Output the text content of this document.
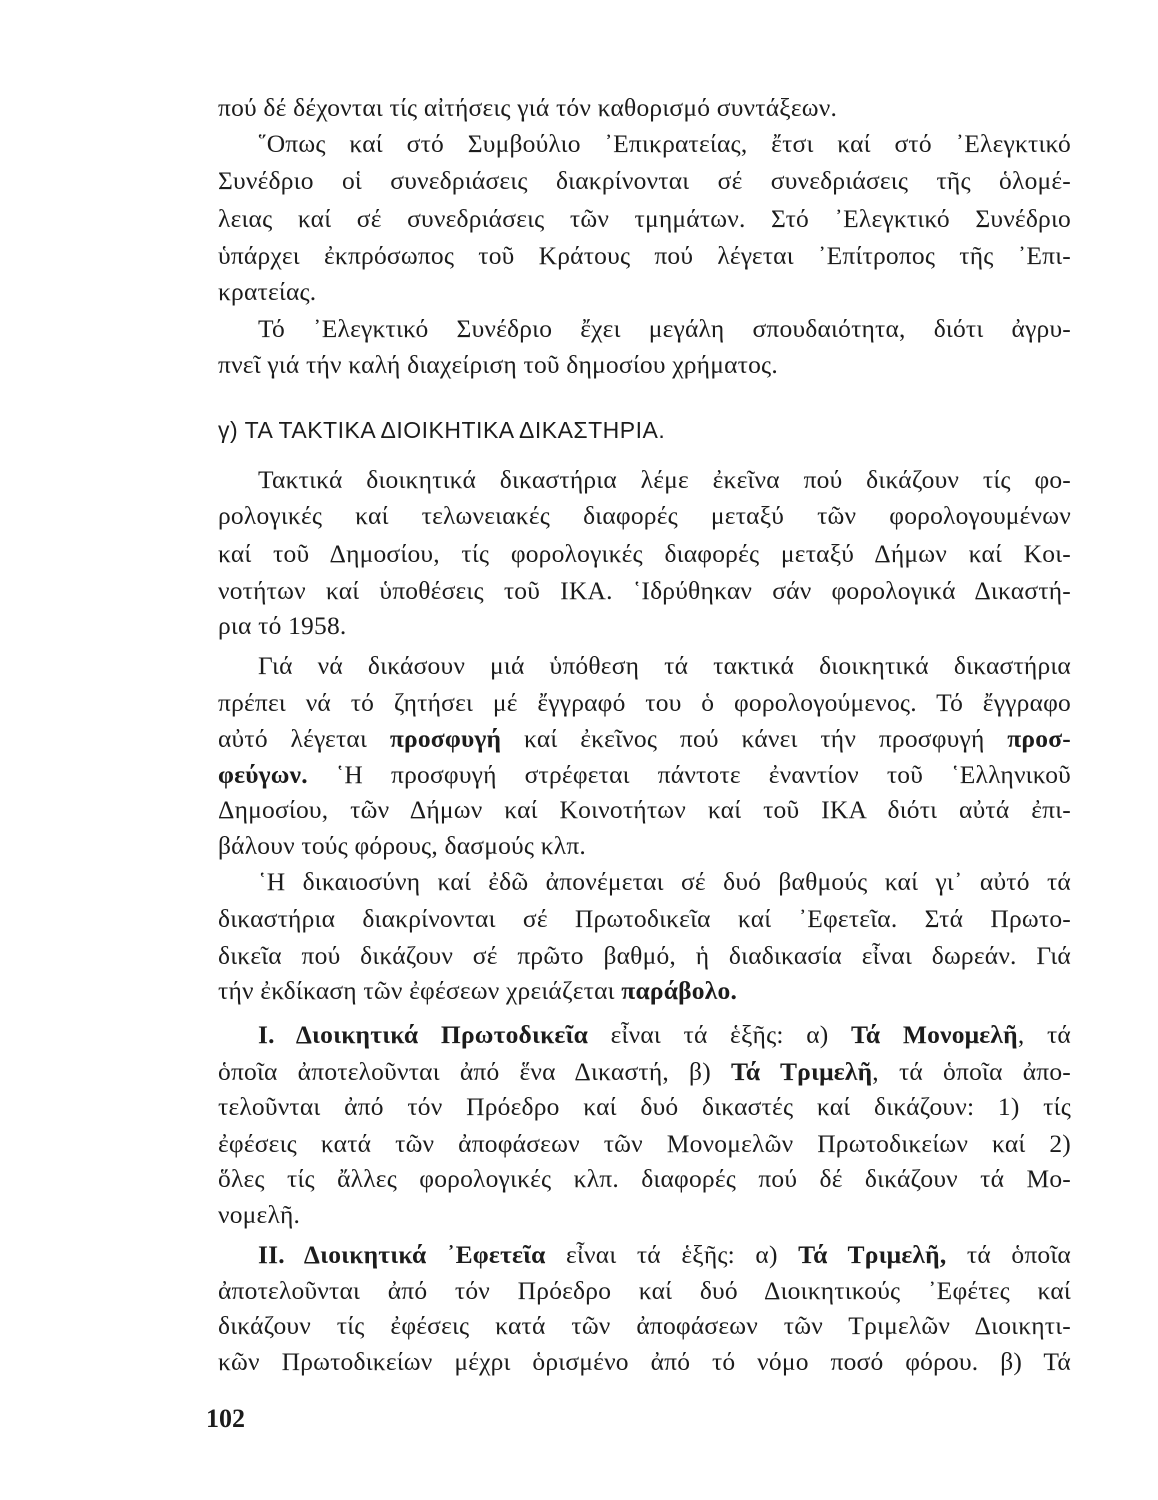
πού δέ δέχονται τίς αἰτήσεις γιά τόν καθορισμό συντάξεων.
῞Οπως καί στό Συμβούλιο ᾿Επικρατείας, ἔτσι καί στό ᾿Ελεγκτικό
Συνέδριο οἱ συνεδριάσεις διακρίνονται σέ συνεδριάσεις τῆς ὁλομέ-
λειας καί σέ συνεδριάσεις τῶν τμημάτων. Στό ᾿Ελεγκτικό Συνέδριο
ὑπάρχει ἐκπρόσωπος τοῦ Κράτους πού λέγεται ᾿Επίτροπος τῆς ᾿Επι-
κρατείας.
Τό ᾿Ελεγκτικό Συνέδριο ἔχει μεγάλη σπουδαιότητα, διότι ἀγρυ-
πνεῖ γιά τήν καλή διαχείριση τοῦ δημοσίου χρήματος.
γ) ΤΑ ΤΑΚΤΙΚΑ ΔΙΟΙΚΗΤΙΚΑ ΔΙΚΑΣΤΗΡΙΑ.
Τακτικά διοικητικά δικαστήρια λέμε ἐκεῖνα πού δικάζουν τίς φο-
ρολογικές καί τελωνειακές διαφορές μεταξύ τῶν φορολογουμένων
καί τοῦ Δημοσίου, τίς φορολογικές διαφορές μεταξύ Δήμων καί Κοι-
νοτήτων καί ὑποθέσεις τοῦ ΙΚΑ. ῾Ιδρύθηκαν σάν φορολογικά Δικαστή-
ρια τό 1958.
Γιά νά δικάσουν μιά ὑπόθεση τά τακτικά διοικητικά δικαστήρια
πρέπει νά τό ζητήσει μέ ἔγγραφό του ὁ φορολογούμενος. Τό ἔγγραφο
αὐτό λέγεται προσφυγή καί ἐκεῖνος πού κάνει τήν προσφυγή προσ-
φεύγων. ῾Η προσφυγή στρέφεται πάντοτε ἐναντίον τοῦ ῾Ελληνικοῦ
Δημοσίου, τῶν Δήμων καί Κοινοτήτων καί τοῦ ΙΚΑ διότι αὐτά ἐπι-
βάλουν τούς φόρους, δασμούς κλπ.
῾Η δικαιοσύνη καί ἐδῶ ἀπονέμεται σέ δυό βαθμούς καί γι᾿ αὐτό τά
δικαστήρια διακρίνονται σέ Πρωτοδικεῖα καί ᾿Εφετεῖα. Στά Πρωτο-
δικεῖα πού δικάζουν σέ πρῶτο βαθμό, ἡ διαδικασία εἶναι δωρεάν. Γιά
τήν ἐκδίκαση τῶν ἐφέσεων χρειάζεται παράβολο.
Ι. Διοικητικά Πρωτοδικεῖα εἶναι τά ἑξῆς: α) Τά Μονομελῆ, τά
ὁποῖα ἀποτελοῦνται ἀπό ἕνα Δικαστή, β) Τά Τριμελῆ, τά ὁποῖα ἀπο-
τελοῦνται ἀπό τόν Πρόεδρο καί δυό δικαστές καί δικάζουν: 1) τίς
ἐφέσεις κατά τῶν ἀποφάσεων τῶν Μονομελῶν Πρωτοδικείων καί 2)
ὅλες τίς ἄλλες φορολογικές κλπ. διαφορές πού δέ δικάζουν τά Μο-
νομελῆ.
ΙΙ. Διοικητικά ᾿Εφετεῖα εἶναι τά ἑξῆς: α) Τά Τριμελῆ, τά ὁποῖα
ἀποτελοῦνται ἀπό τόν Πρόεδρο καί δυό Διοικητικούς ᾿Εφέτες καί
δικάζουν τίς ἐφέσεις κατά τῶν ἀποφάσεων τῶν Τριμελῶν Διοικητι-
κῶν Πρωτοδικείων μέχρι ὁρισμένο ἀπό τό νόμο ποσό φόρου. β) Τά
102
